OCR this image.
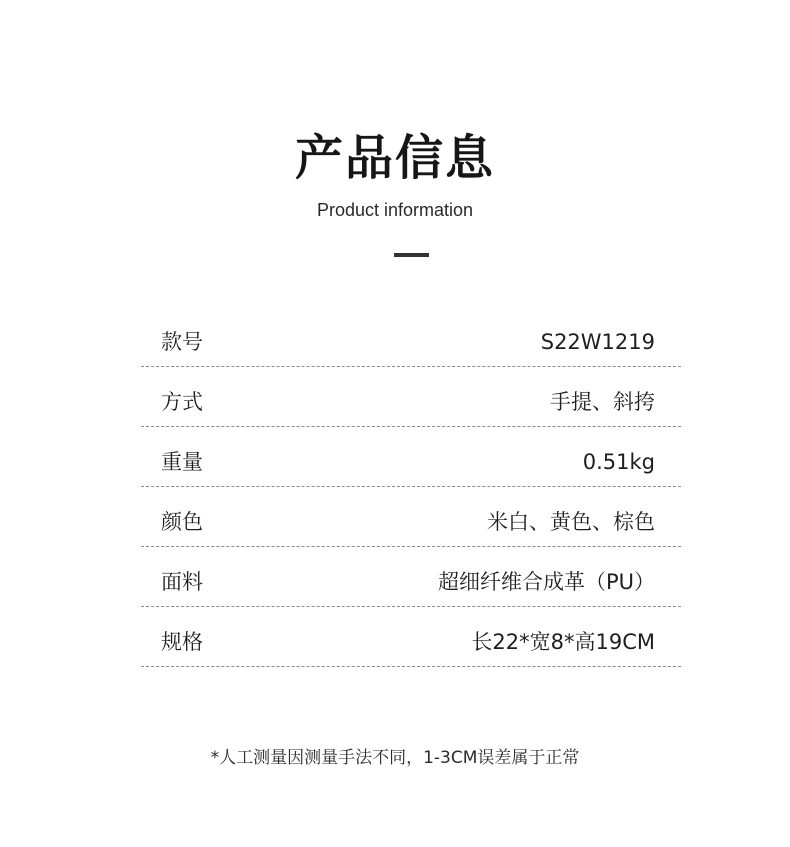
产品信息
Product information
款号	S22W1219
方式	手提、斜挎
重量	0.51kg
颜色	米白、黄色、棕色
面料	超细纤维合成革（PU）
规格	长22*宽8*高19CM
*人工测量因测量手法不同，1-3CM误差属于正常
